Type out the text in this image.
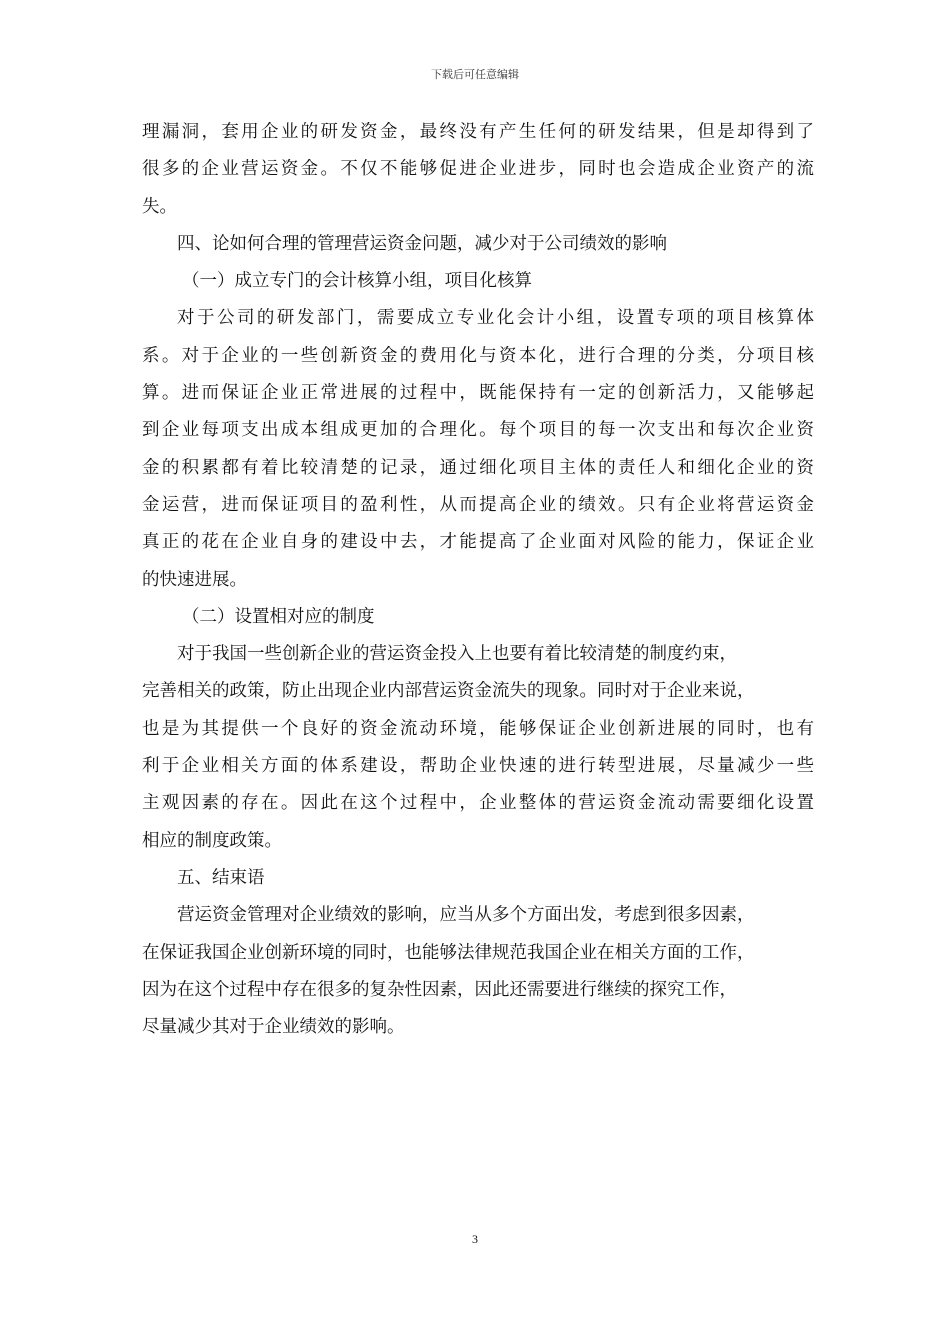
下载后可任意编辑
理漏洞，套用企业的研发资金，最终没有产生任何的研发结果，但是却得到了
很多的企业营运资金。不仅不能够促进企业进步，同时也会造成企业资产的流
失。
四、论如何合理的管理营运资金问题，减少对于公司绩效的影响
（一）成立专门的会计核算小组，项目化核算
对于公司的研发部门，需要成立专业化会计小组，设置专项的项目核算体
系。对于企业的一些创新资金的费用化与资本化，进行合理的分类，分项目核
算。进而保证企业正常进展的过程中，既能保持有一定的创新活力，又能够起
到企业每项支出成本组成更加的合理化。每个项目的每一次支出和每次企业资
金的积累都有着比较清楚的记录，通过细化项目主体的责任人和细化企业的资
金运营，进而保证项目的盈利性，从而提高企业的绩效。只有企业将营运资金
真正的花在企业自身的建设中去，才能提高了企业面对风险的能力，保证企业
的快速进展。
（二）设置相对应的制度
对于我国一些创新企业的营运资金投入上也要有着比较清楚的制度约束，
完善相关的政策，防止出现企业内部营运资金流失的现象。同时对于企业来说，
也是为其提供一个良好的资金流动环境，能够保证企业创新进展的同时，也有
利于企业相关方面的体系建设，帮助企业快速的进行转型进展，尽量减少一些
主观因素的存在。因此在这个过程中，企业整体的营运资金流动需要细化设置
相应的制度政策。
五、结束语
营运资金管理对企业绩效的影响，应当从多个方面出发，考虑到很多因素，
在保证我国企业创新环境的同时，也能够法律规范我国企业在相关方面的工作，
因为在这个过程中存在很多的复杂性因素，因此还需要进行继续的探究工作，
尽量减少其对于企业绩效的影响。
3
